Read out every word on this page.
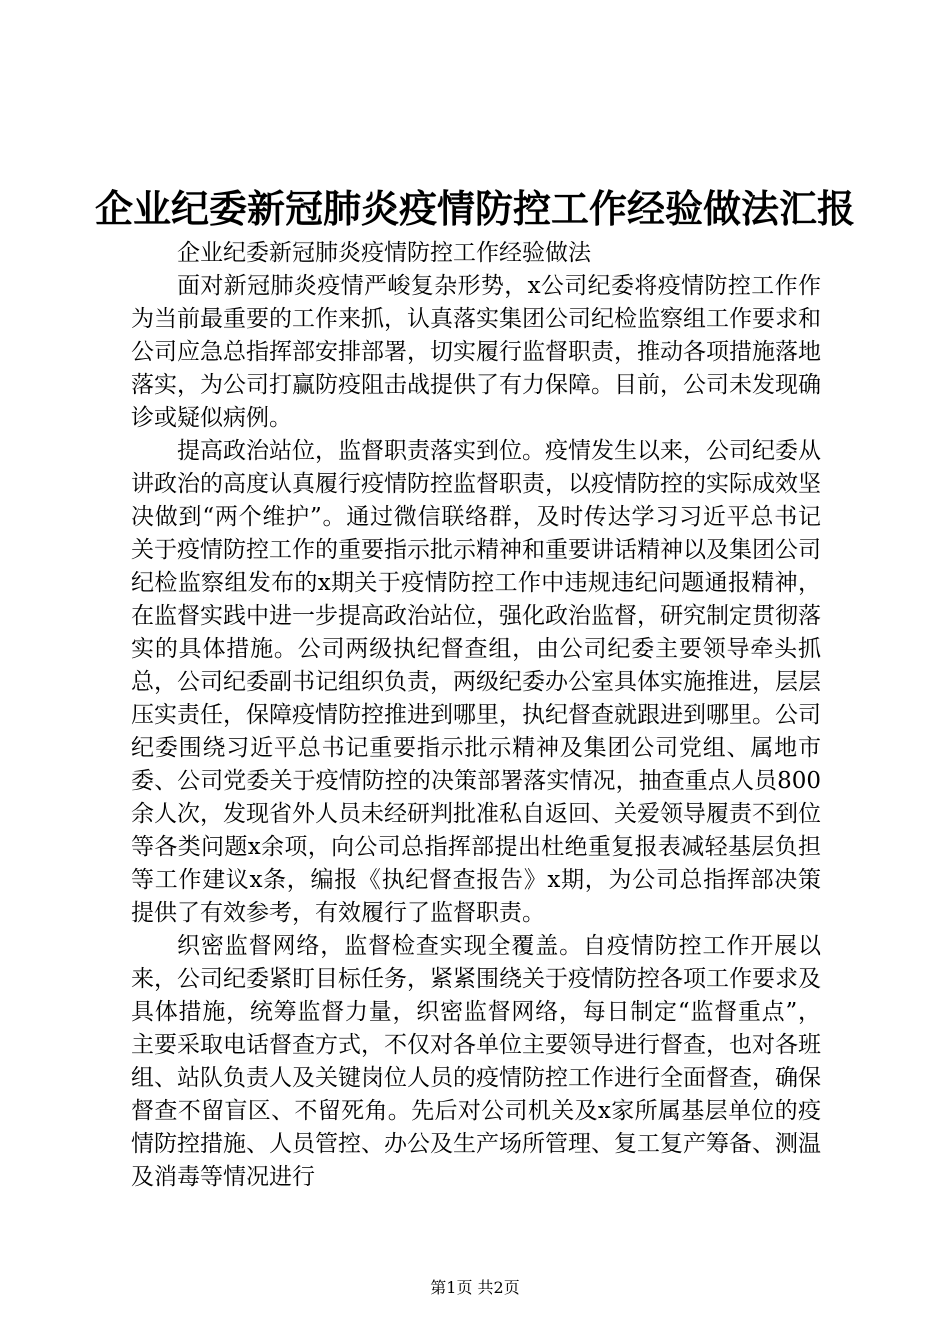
企业纪委新冠肺炎疫情防控工作经验做法汇报

企业纪委新冠肺炎疫情防控工作经验做法

面对新冠肺炎疫情严峻复杂形势，x公司纪委将疫情防控工作作为当前最重要的工作来抓，认真落实集团公司纪检监察组工作要求和公司应急总指挥部安排部署，切实履行监督职责，推动各项措施落地落实，为公司打赢防疫阻击战提供了有力保障。目前，公司未发现确诊或疑似病例。

提高政治站位，监督职责落实到位。疫情发生以来，公司纪委从讲政治的高度认真履行疫情防控监督职责，以疫情防控的实际成效坚决做到“两个维护”。通过微信联络群，及时传达学习习近平总书记关于疫情防控工作的重要指示批示精神和重要讲话精神以及集团公司纪检监察组发布的x期关于疫情防控工作中违规违纪问题通报精神，在监督实践中进一步提高政治站位，强化政治监督，研究制定贯彻落实的具体措施。公司两级执纪督查组，由公司纪委主要领导牵头抓总，公司纪委副书记组织负责，两级纪委办公室具体实施推进，层层压实责任，保障疫情防控推进到哪里，执纪督查就跟进到哪里。公司纪委围绕习近平总书记重要指示批示精神及集团公司党组、属地市委、公司党委关于疫情防控的决策部署落实情况，抽查重点人员800余人次，发现省外人员未经研判批准私自返回、关爱领导履责不到位等各类问题x余项，向公司总指挥部提出杜绝重复报表减轻基层负担等工作建议x条，编报《执纪督查报告》x期，为公司总指挥部决策提供了有效参考，有效履行了监督职责。

织密监督网络，监督检查实现全覆盖。自疫情防控工作开展以来，公司纪委紧盯目标任务，紧紧围绕关于疫情防控各项工作要求及具体措施，统筹监督力量，织密监督网络，每日制定“监督重点”，主要采取电话督查方式，不仅对各单位主要领导进行督查，也对各班组、站队负责人及关键岗位人员的疫情防控工作进行全面督查，确保督查不留盲区、不留死角。先后对公司机关及x家所属基层单位的疫情防控措施、人员管控、办公及生产场所管理、复工复产筹备、测温及消毒等情况进行

第1页 共2页
